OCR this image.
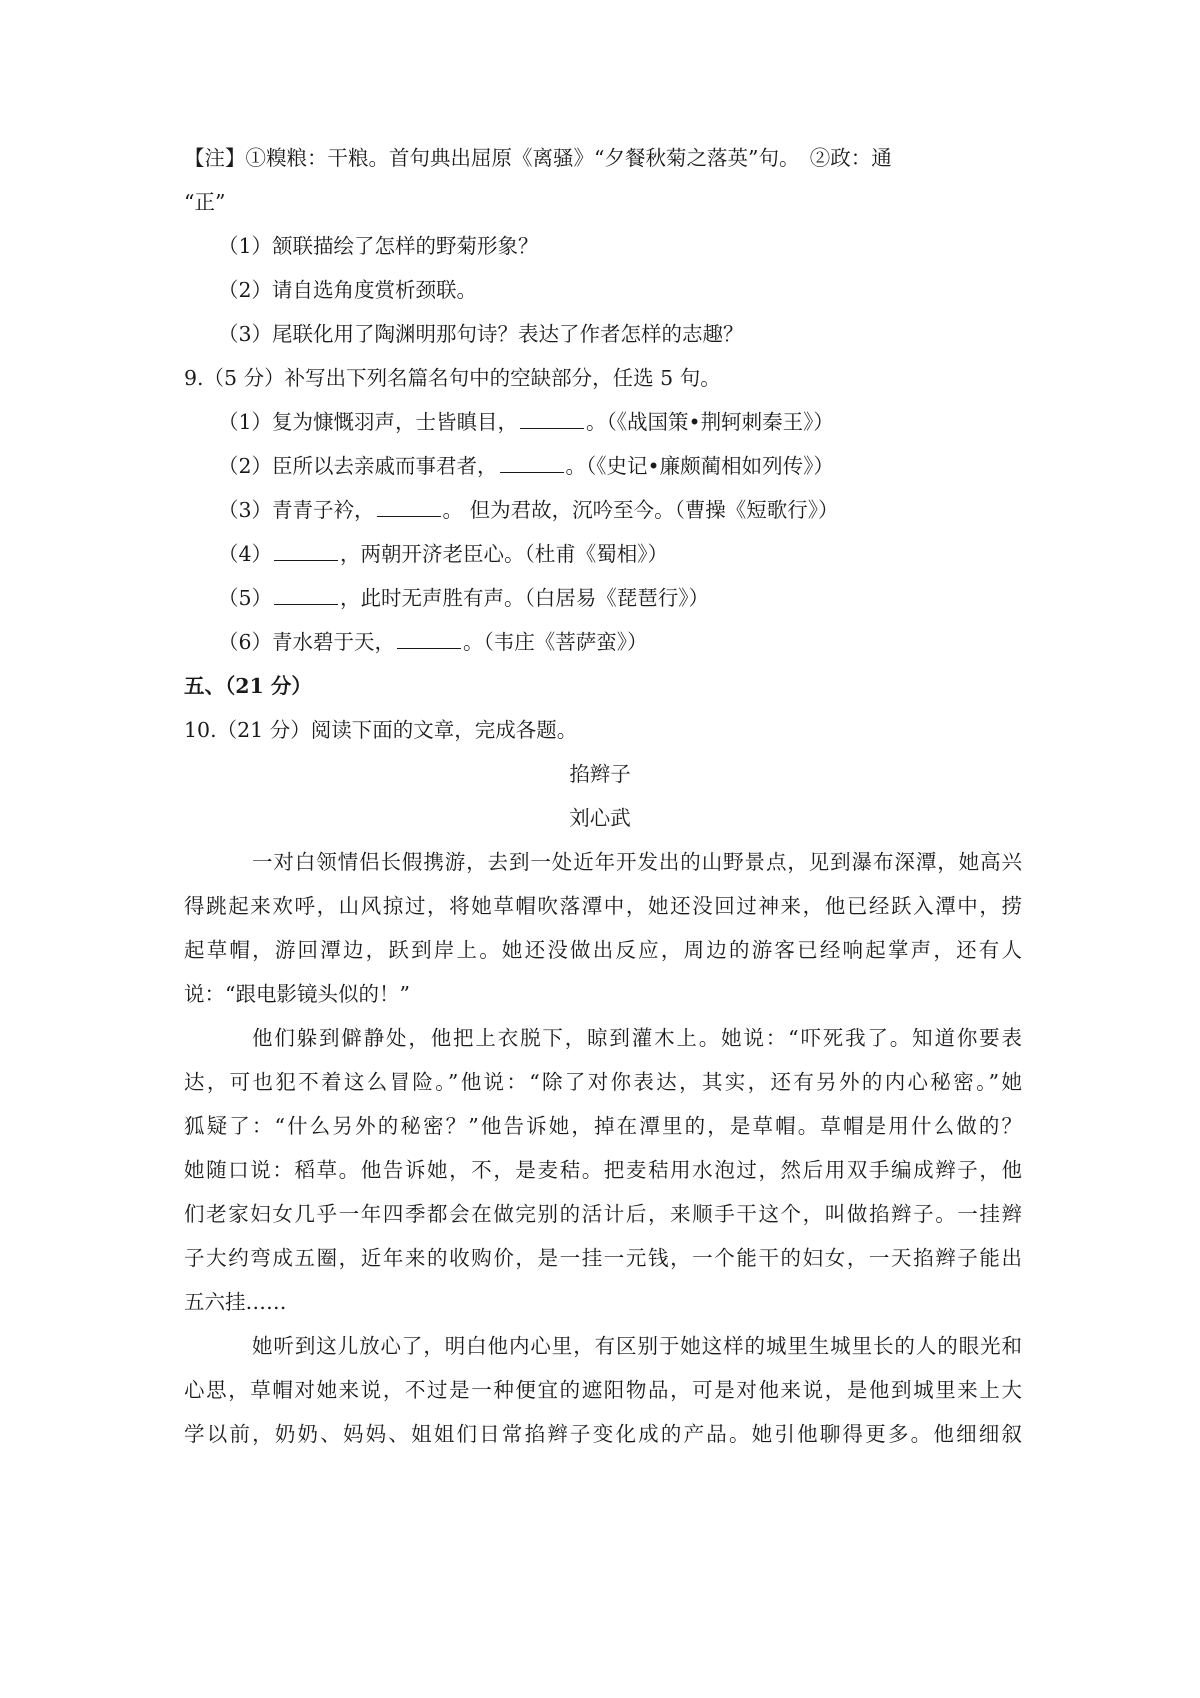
【注】①糗粮：干粮。首句典出屈原《离骚》“夕餐秋菊之落英”句。　②政：通
“正”
（1）颔联描绘了怎样的野菊形象？
（2）请自选角度赏析颈联。
（3）尾联化用了陶渊明那句诗？表达了作者怎样的志趣？
9.（5 分）补写出下列名篇名句中的空缺部分，任选 5 句。
（1）复为慷慨羽声，士皆瞋目，	。（《战国策•荆轲刺秦王》）
（2）臣所以去亲戚而事君者，	。（《史记•廉颇蔺相如列传》）
（3）青青子衿，	。 但为君故，沉吟至今。（曹操《短歌行》）
（4）	，两朝开济老臣心。（杜甫《蜀相》）
（5）	，此时无声胜有声。（白居易《琵琶行》）
（6）青水碧于天，	。（韦庄《菩萨蛮》）
五、（21 分）
10.（21 分）阅读下面的文章，完成各题。
掐辫子
刘心武
一对白领情侣长假携游，去到一处近年开发出的山野景点，见到瀑布深潭，她高兴
得跳起来欢呼，山风掠过，将她草帽吹落潭中，她还没回过神来，他已经跃入潭中，捞
起草帽，游回潭边，跃到岸上。她还没做出反应，周边的游客已经响起掌声，还有人
说：“跟电影镜头似的！”
他们躲到僻静处，他把上衣脱下，晾到灌木上。她说：“吓死我了。知道你要表
达，可也犯不着这么冒险。”他说：“除了对你表达，其实，还有另外的内心秘密。”她
狐疑了：“什么另外的秘密？”他告诉她，掉在潭里的，是草帽。草帽是用什么做的？
她随口说：稻草。他告诉她，不，是麦秸。把麦秸用水泡过，然后用双手编成辫子，他
们老家妇女几乎一年四季都会在做完别的活计后，来顺手干这个，叫做掐辫子。一挂辫
子大约弯成五圈，近年来的收购价，是一挂一元钱，一个能干的妇女，一天掐辫子能出
五六挂……
她听到这儿放心了，明白他内心里，有区别于她这样的城里生城里长的人的眼光和
心思，草帽对她来说，不过是一种便宜的遮阳物品，可是对他来说，是他到城里来上大
学以前，奶奶、妈妈、姐姐们日常掐辫子变化成的产品。她引他聊得更多。他细细叙
